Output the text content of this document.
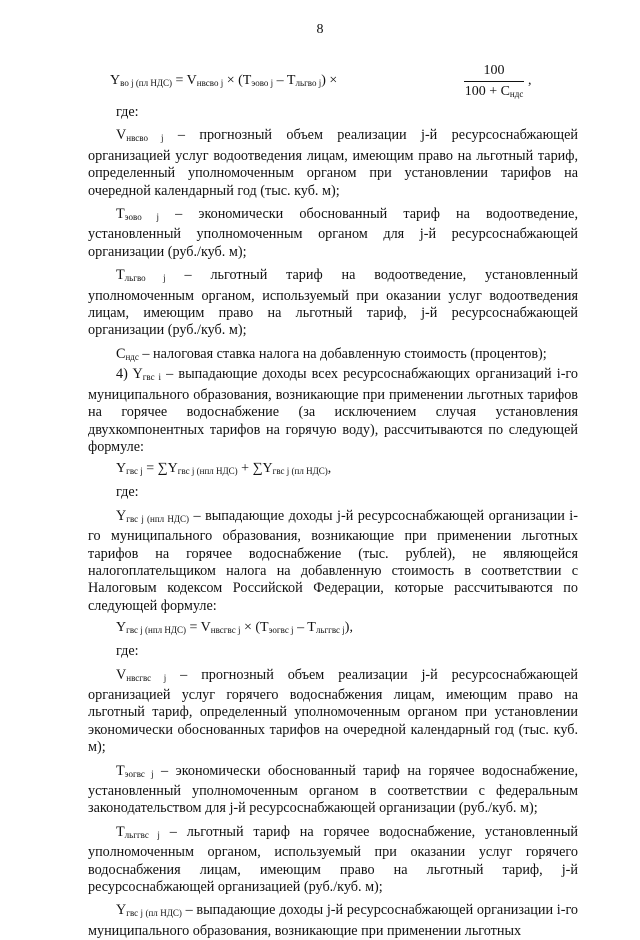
8
$Y_{во j (пл НДС)} = V_{нвсво j} \times (T_{эово j} - T_{льгво j})$ ×
100
$100 + C_{ндс}$
,

где:

$V_{нвсво j}$ – прогнозный объем реализации j-й ресурсоснабжающей организацией услуг водоотведения лицам, имеющим право на льготный тариф, определенный уполномоченным органом при установлении тарифов на очередной календарный год (тыс. куб. м);

$T_{эово j}$ – экономически обоснованный тариф на водоотведение, установленный уполномоченным органом для j-й ресурсоснабжающей организации (руб./куб. м);

$T_{льгво j}$ – льготный тариф на водоотведение, установленный уполномоченным органом, используемый при оказании услуг водоотведения лицам, имеющим право на льготный тариф, j-й ресурсоснабжающей организации (руб./куб. м);

$C_{ндс}$ – налоговая ставка налога на добавленную стоимость (процентов);

4) $Y_{гвс i}$ – выпадающие доходы всех ресурсоснабжающих организаций i-го муниципального образования, возникающие при применении льготных тарифов на горячее водоснабжение (за исключением случая установления двухкомпонентных тарифов на горячую воду), рассчитываются по следующей формуле:

$Y_{гвс j} = \sum Y_{гвс j (нпл НДС)} + \sum Y_{гвс j (пл НДС)}$,

где:

$Y_{гвс j (нпл НДС)}$ – выпадающие доходы j-й ресурсоснабжающей организации i-го муниципального образования, возникающие при применении льготных тарифов на горячее водоснабжение (тыс. рублей), не являющейся налогоплательщиком налога на добавленную стоимость в соответствии с Налоговым кодексом Российской Федерации, которые рассчитываются по следующей формуле:

$Y_{гвс j (нпл НДС)} = V_{нвсгвс j} \times (T_{эогвс j} - T_{льггвс j})$,

где:

$V_{нвсгвс j}$ – прогнозный объем реализации j-й ресурсоснабжающей организацией услуг горячего водоснабжения лицам, имеющим право на льготный тариф, определенный уполномоченным органом при установлении экономически обоснованных тарифов на очередной календарный год (тыс. куб. м);

$T_{эогвс j}$ – экономически обоснованный тариф на горячее водоснабжение, установленный уполномоченным органом в соответствии с федеральным законодательством для j-й ресурсоснабжающей организации (руб./куб. м);

$T_{льггвс j}$ – льготный тариф на горячее водоснабжение, установленный уполномоченным органом, используемый при оказании услуг горячего водоснабжения лицам, имеющим право на льготный тариф, j-й ресурсоснабжающей организацией (руб./куб. м);

$Y_{гвс j (пл НДС)}$ – выпадающие доходы j-й ресурсоснабжающей организации i-го муниципального образования, возникающие при применении льготных
